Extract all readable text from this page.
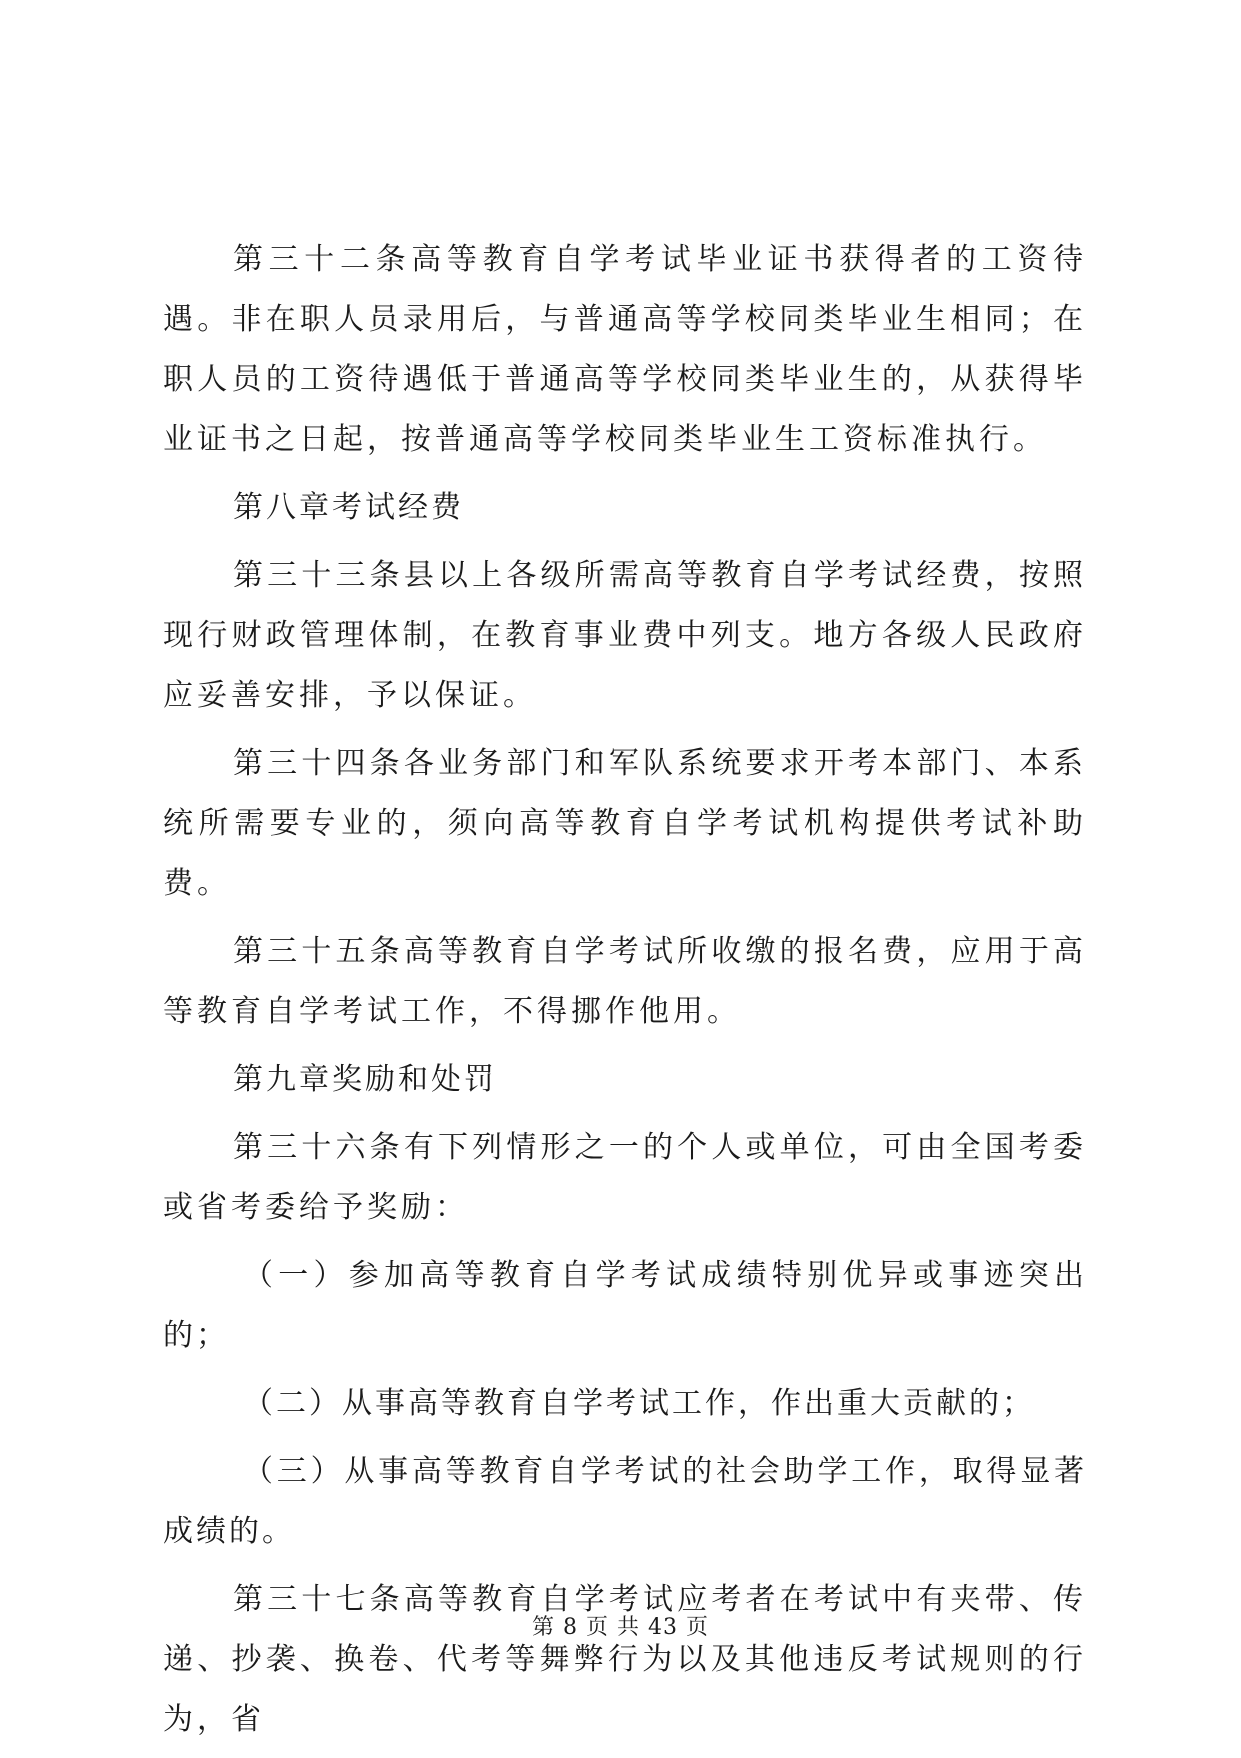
第三十二条高等教育自学考试毕业证书获得者的工资待遇。非在职人员录用后，与普通高等学校同类毕业生相同；在职人员的工资待遇低于普通高等学校同类毕业生的，从获得毕业证书之日起，按普通高等学校同类毕业生工资标准执行。

第八章考试经费

第三十三条县以上各级所需高等教育自学考试经费，按照现行财政管理体制，在教育事业费中列支。地方各级人民政府应妥善安排，予以保证。

第三十四条各业务部门和军队系统要求开考本部门、本系统所需要专业的，须向高等教育自学考试机构提供考试补助费。

第三十五条高等教育自学考试所收缴的报名费，应用于高等教育自学考试工作，不得挪作他用。

第九章奖励和处罚

第三十六条有下列情形之一的个人或单位，可由全国考委或省考委给予奖励：

（一）参加高等教育自学考试成绩特别优异或事迹突出的；

（二）从事高等教育自学考试工作，作出重大贡献的；

（三）从事高等教育自学考试的社会助学工作，取得显著成绩的。

第三十七条高等教育自学考试应考者在考试中有夹带、传递、抄袭、换卷、代考等舞弊行为以及其他违反考试规则的行为，省

第 8 页 共 43 页
